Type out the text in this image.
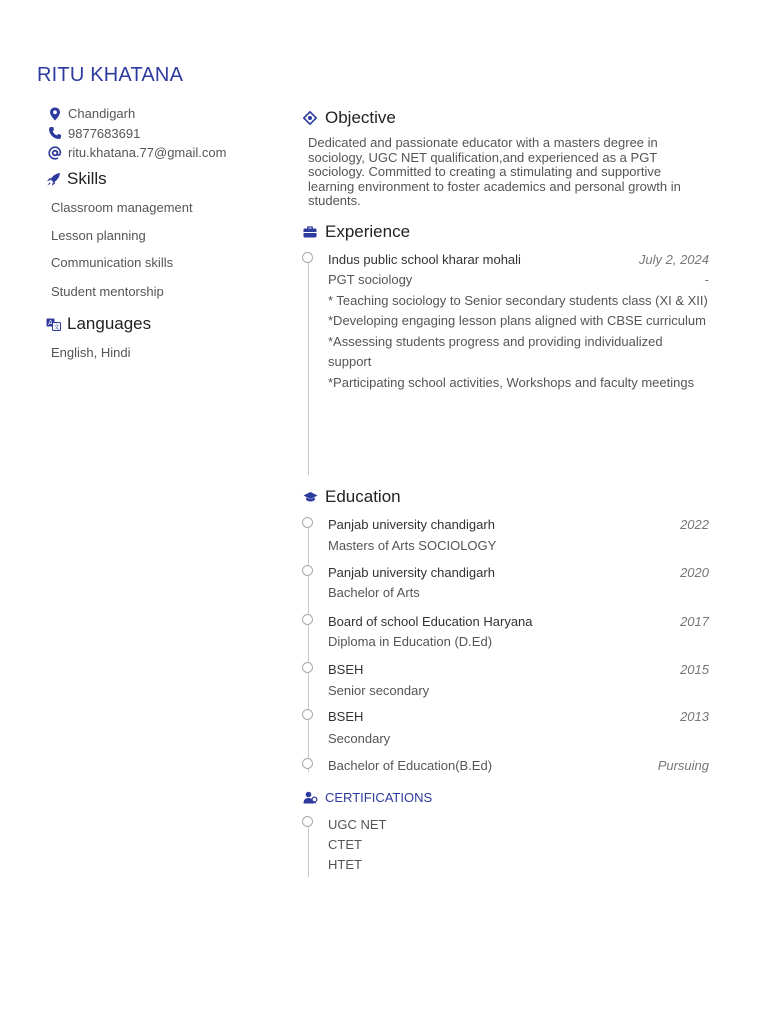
RITU KHATANA
Chandigarh
9877683691
ritu.khatana.77@gmail.com
Skills
Classroom management
Lesson planning
Communication skills
Student mentorship
A
文 Languages
English, Hindi
Objective
Dedicated and passionate educator with a masters degree in sociology, UGC NET qualification,and experienced as a PGT sociology. Committed to creating a stimulating and supportive learning environment to foster academics and personal growth in students.
Experience
Indus public school kharar mohali	July 2, 2024
PGT sociology	-
* Teaching sociology to Senior secondary students class (XI & XII)
*Developing engaging lesson plans aligned with CBSE curriculum
*Assessing students progress and providing individualized support
*Participating school activities, Workshops and faculty meetings
Education
Panjab university chandigarh	2022
Masters of Arts SOCIOLOGY
Panjab university chandigarh	2020
Bachelor of Arts
Board of school Education Haryana	2017
Diploma in Education (D.Ed)
BSEH	2015
Senior secondary
BSEH	2013
Secondary
Bachelor of Education(B.Ed)	Pursuing
CERTIFICATIONS
UGC NET
CTET
HTET
